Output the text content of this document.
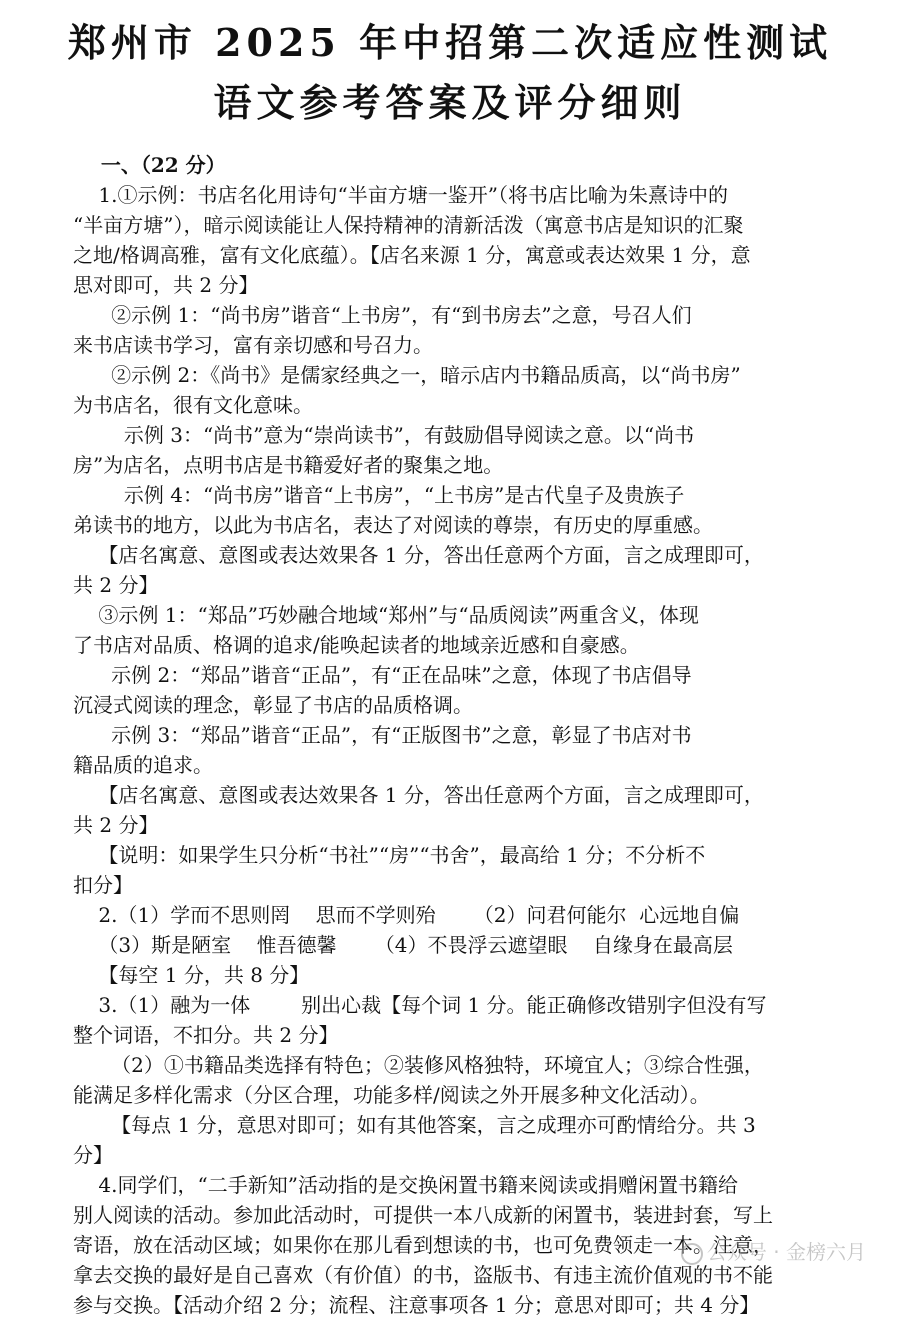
郑州市 2025 年中招第二次适应性测试
语文参考答案及评分细则
一、（22 分）
1.①示例：书店名化用诗句“半亩方塘一鉴开”（将书店比喻为朱熹诗中的
“半亩方塘”），暗示阅读能让人保持精神的清新活泼（寓意书店是知识的汇聚
之地/格调高雅，富有文化底蕴）。【店名来源 1 分，寓意或表达效果 1 分，意
思对即可，共 2 分】
②示例 1：“尚书房”谐音“上书房”，有“到书房去”之意，号召人们
来书店读书学习，富有亲切感和号召力。
②示例 2：《尚书》是儒家经典之一，暗示店内书籍品质高，以“尚书房”
为书店名，很有文化意味。
示例 3：“尚书”意为“崇尚读书”，有鼓励倡导阅读之意。以“尚书
房”为店名，点明书店是书籍爱好者的聚集之地。
示例 4：“尚书房”谐音“上书房”，“上书房”是古代皇子及贵族子
弟读书的地方，以此为书店名，表达了对阅读的尊崇，有历史的厚重感。
【店名寓意、意图或表达效果各 1 分，答出任意两个方面，言之成理即可，
共 2 分】
③示例 1：“郑品”巧妙融合地域“郑州”与“品质阅读”两重含义，体现
了书店对品质、格调的追求/能唤起读者的地域亲近感和自豪感。
示例 2：“郑品”谐音“正品”，有“正在品味”之意，体现了书店倡导
沉浸式阅读的理念，彰显了书店的品质格调。
示例 3：“郑品”谐音“正品”，有“正版图书”之意，彰显了书店对书
籍品质的追求。
【店名寓意、意图或表达效果各 1 分，答出任意两个方面，言之成理即可，
共 2 分】
【说明：如果学生只分析“书社”“房”“书舍”，最高给 1 分；不分析不
扣分】
2.（1）学而不思则罔    思而不学则殆      （2）问君何能尔  心远地自偏
（3）斯是陋室    惟吾德馨      （4）不畏浮云遮望眼    自缘身在最高层
【每空 1 分，共 8 分】
3.（1）融为一体        别出心裁【每个词 1 分。能正确修改错别字但没有写
整个词语，不扣分。共 2 分】
（2）①书籍品类选择有特色；②装修风格独特，环境宜人；③综合性强，
能满足多样化需求（分区合理，功能多样/阅读之外开展多种文化活动）。
【每点 1 分，意思对即可；如有其他答案，言之成理亦可酌情给分。共 3
分】
4.同学们，“二手新知”活动指的是交换闲置书籍来阅读或捐赠闲置书籍给
别人阅读的活动。参加此活动时，可提供一本八成新的闲置书，装进封套，写上
寄语，放在活动区域；如果你在那儿看到想读的书，也可免费领走一本。注意，
拿去交换的最好是自己喜欢（有价值）的书，盗版书、有违主流价值观的书不能
参与交换。【活动介绍 2 分；流程、注意事项各 1 分；意思对即可；共 4 分】
公众号 · 金榜六月
